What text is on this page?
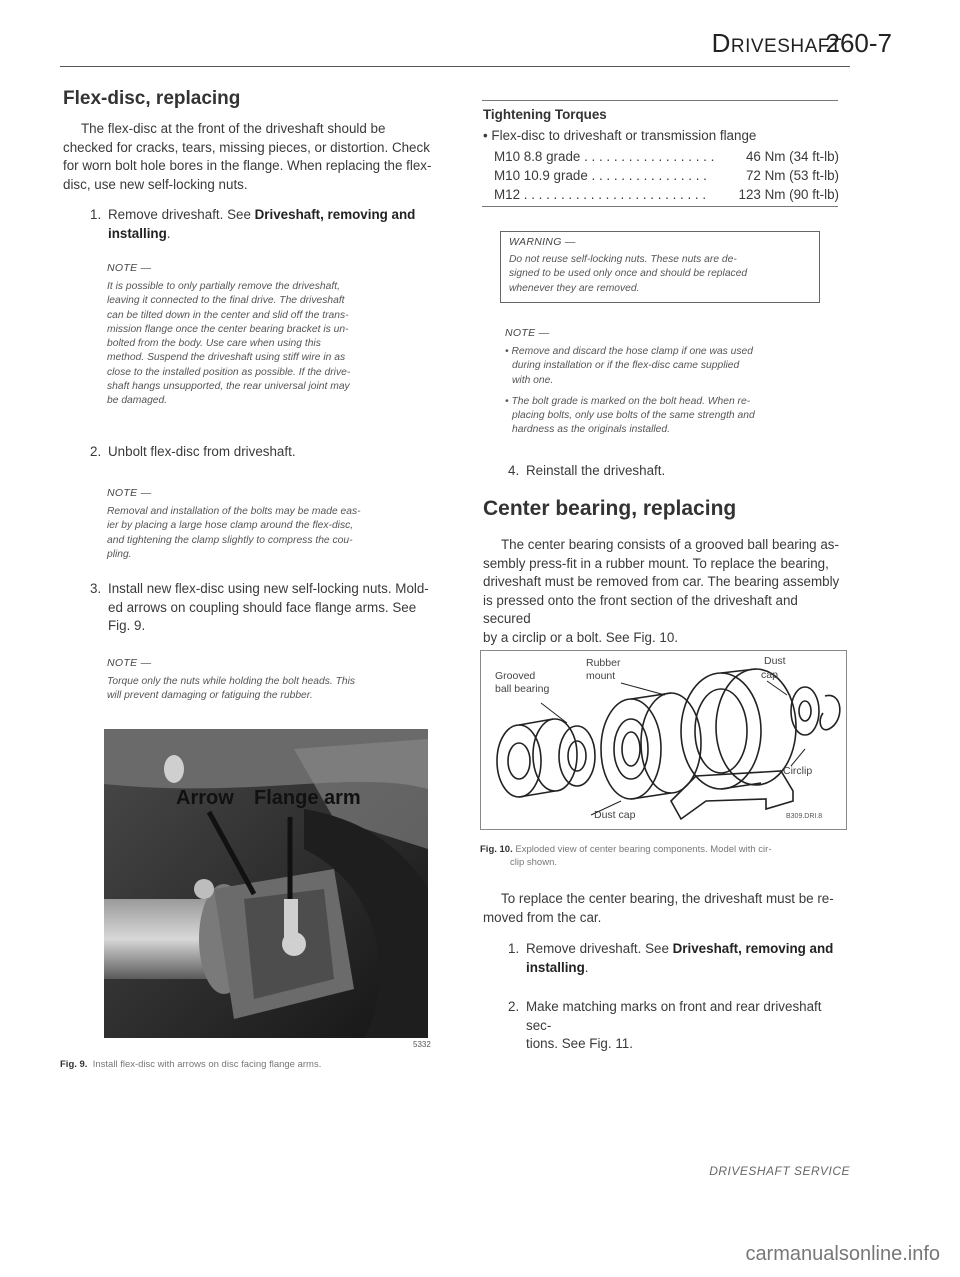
DRIVESHAFT
260-7
Flex-disc, replacing
The flex-disc at the front of the driveshaft should be
checked for cracks, tears, missing pieces, or distortion. Check
for worn bolt hole bores in the flange. When replacing the flex-
disc, use new self-locking nuts.
1. Remove driveshaft. See Driveshaft, removing and
installing.
NOTE —
It is possible to only partially remove the driveshaft,
leaving it connected to the final drive. The driveshaft
can be tilted down in the center and slid off the trans-
mission flange once the center bearing bracket is un-
bolted from the body. Use care when using this
method. Suspend the driveshaft using stiff wire in as
close to the installed position as possible. If the drive-
shaft hangs unsupported, the rear universal joint may
be damaged.
2. Unbolt flex-disc from driveshaft.
NOTE —
Removal and installation of the bolts may be made eas-
ier by placing a large hose clamp around the flex-disc,
and tightening the clamp slightly to compress the cou-
pling.
3. Install new flex-disc using new self-locking nuts. Mold-
ed arrows on coupling should face flange arms. See
Fig. 9.
NOTE —
Torque only the nuts while holding the bolt heads. This
will prevent damaging or fatiguing the rubber.
Arrow Flange arm
5332
Fig. 9. Install flex-disc with arrows on disc facing flange arms.
Tightening Torques
• Flex-disc to driveshaft or transmission flange
M10 8.8 grade . . . . . . . . . . . . . . . . . .	46 Nm (34 ft-lb)
M10 10.9 grade . . . . . . . . . . . . . . . .	72 Nm (53 ft-lb)
M12 . . . . . . . . . . . . . . . . . . . . . . . . .	123 Nm (90 ft-lb)
WARNING —
Do not reuse self-locking nuts. These nuts are de-
signed to be used only once and should be replaced
whenever they are removed.
NOTE —
• Remove and discard the hose clamp if one was used
during installation or if the flex-disc came supplied
with one.
• The bolt grade is marked on the bolt head. When re-
placing bolts, only use bolts of the same strength and
hardness as the originals installed.
4. Reinstall the driveshaft.
Center bearing, replacing
The center bearing consists of a grooved ball bearing as-
sembly press-fit in a rubber mount. To replace the bearing,
driveshaft must be removed from car. The bearing assembly
is pressed onto the front section of the driveshaft and secured
by a circlip or a bolt. See Fig. 10.
Grooved
ball bearing
Rubber
mount
Dust
cap
Circlip
Dust cap	B309.DRI.8
Fig. 10. Exploded view of center bearing components. Model with cir-
clip shown.
To replace the center bearing, the driveshaft must be re-
moved from the car.
1. Remove driveshaft. See Driveshaft, removing and
installing.
2. Make matching marks on front and rear driveshaft sec-
tions. See Fig. 11.
DRIVESHAFT SERVICE
carmanualsonline.info
